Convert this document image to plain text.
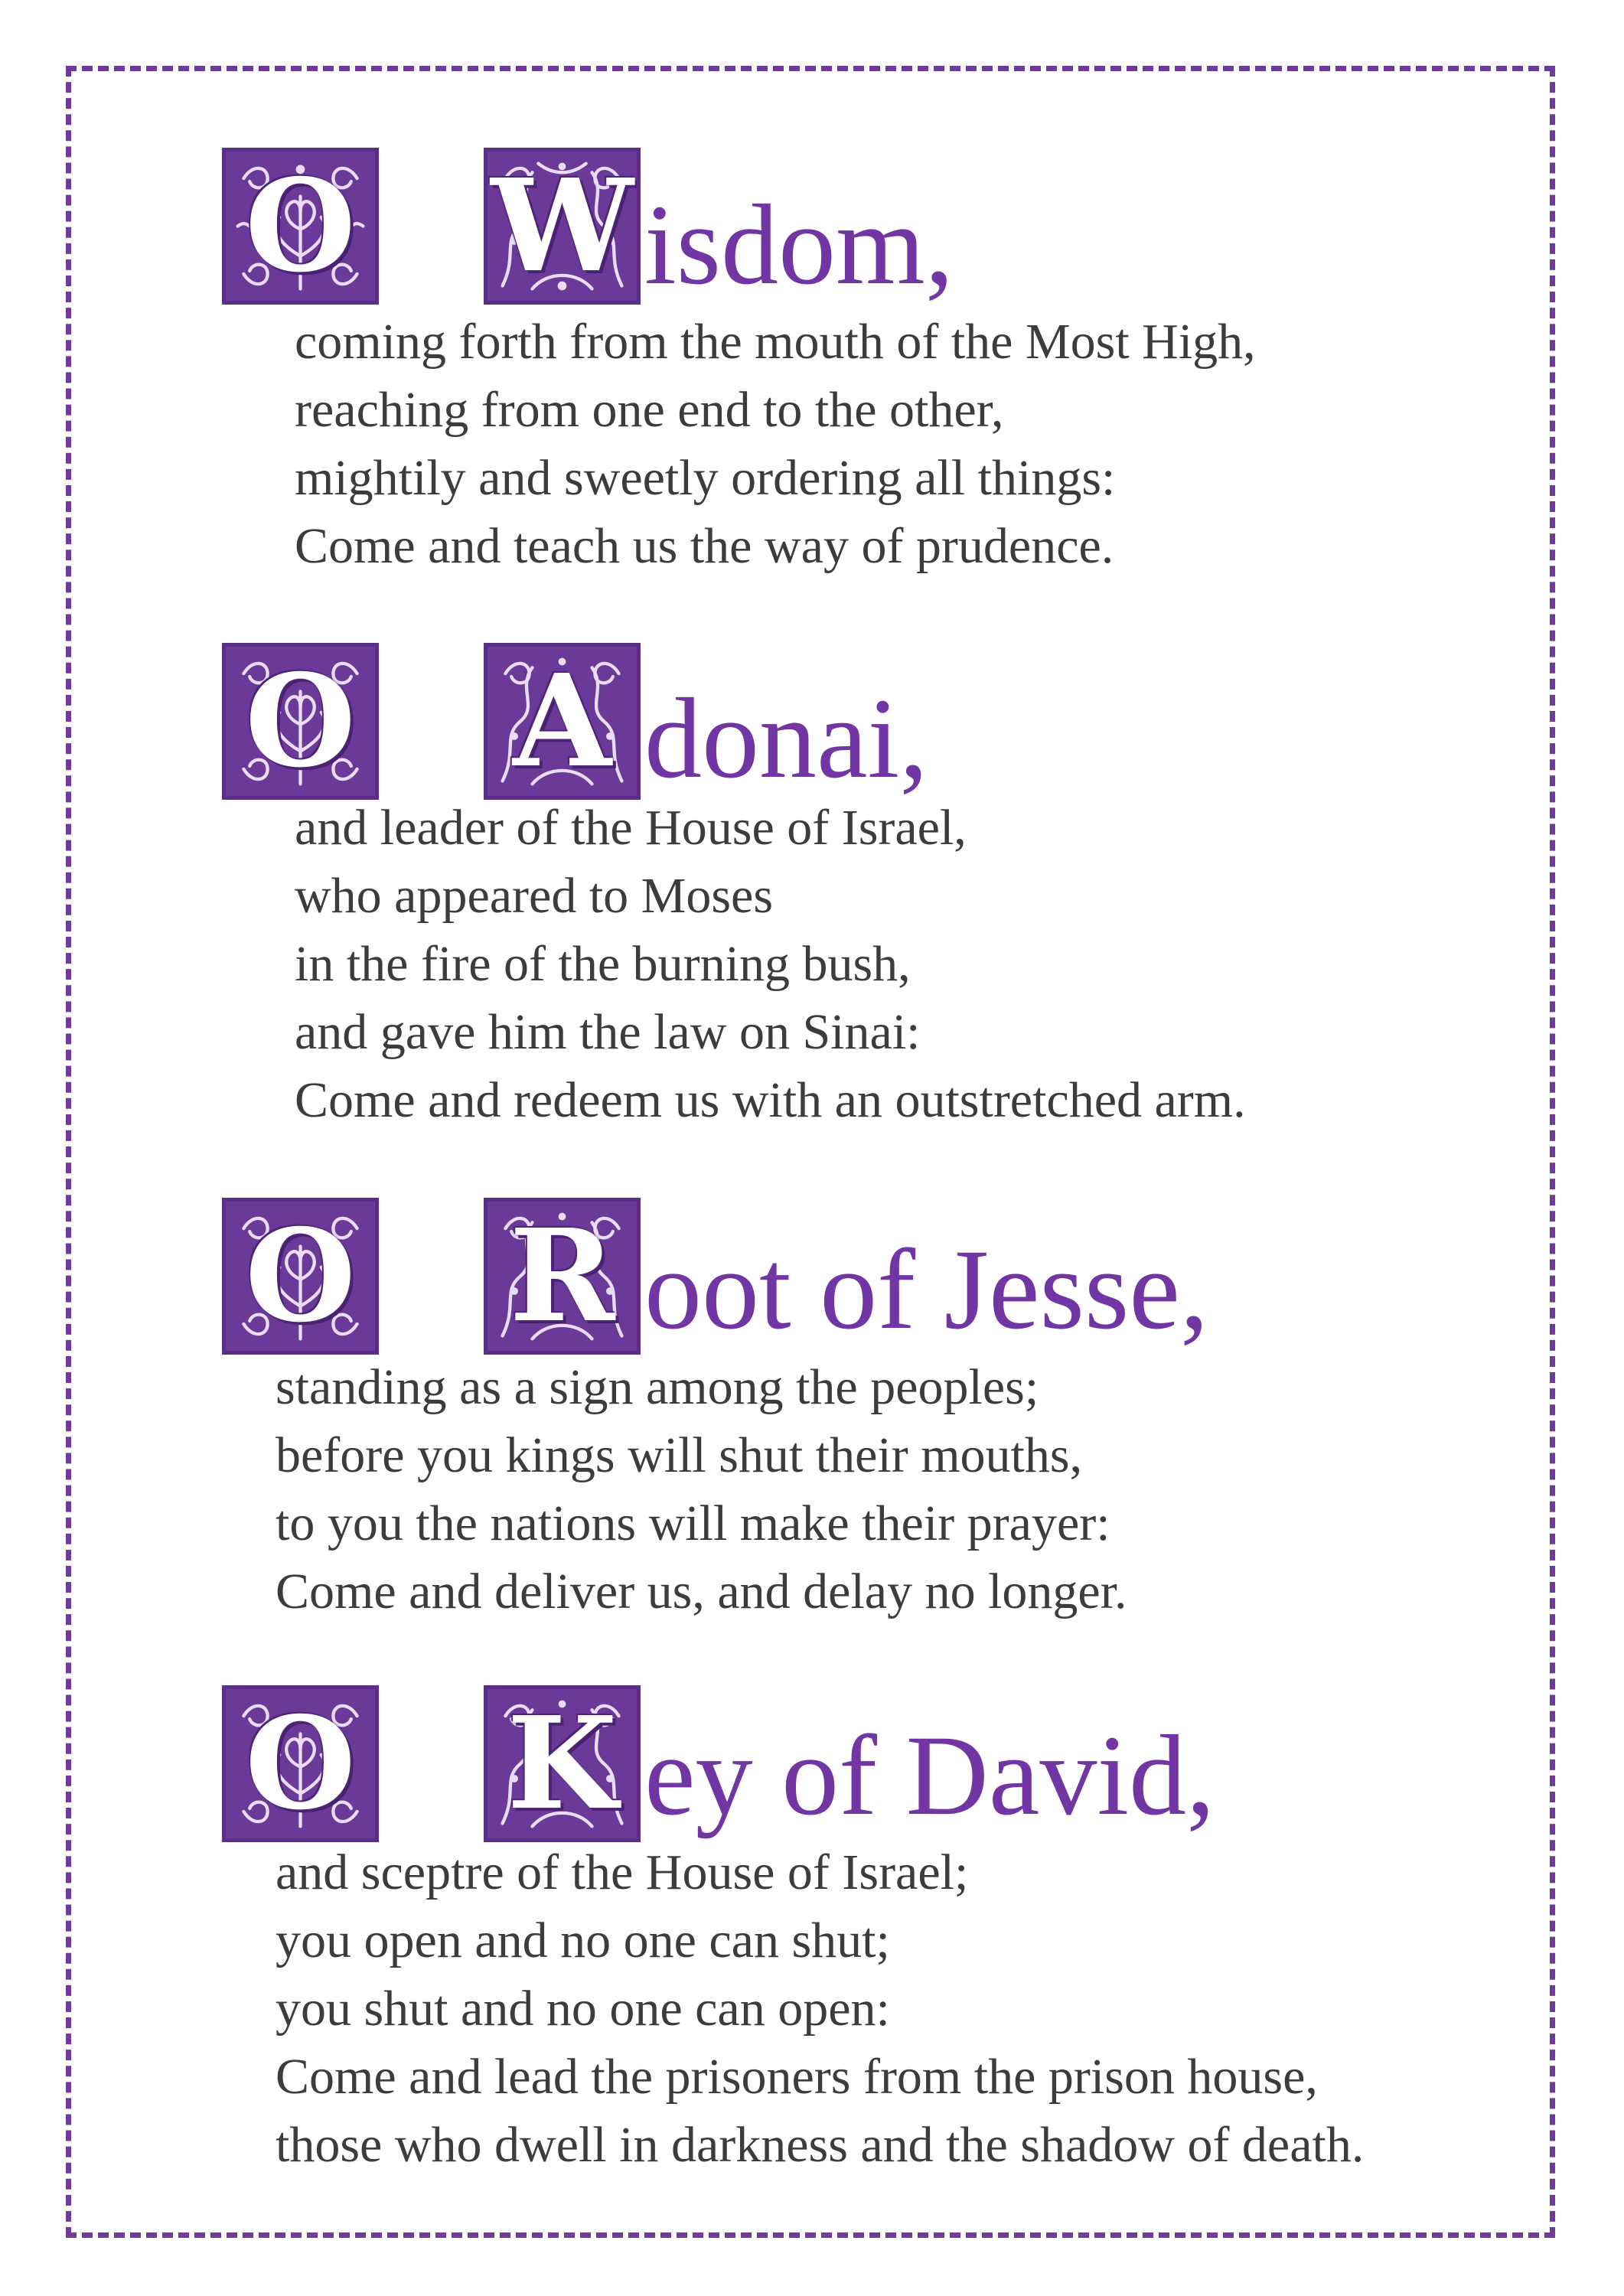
O W isdom,
coming forth from the mouth of the Most High,
reaching from one end to the other,
mightily and sweetly ordering all things:
Come and teach us the way of prudence.
O A donai,
and leader of the House of Israel,
who appeared to Moses
in the fire of the burning bush,
and gave him the law on Sinai:
Come and redeem us with an outstretched arm.
O R oot of Jesse,
standing as a sign among the peoples;
before you kings will shut their mouths,
to you the nations will make their prayer:
Come and deliver us, and delay no longer.
O K ey of David,
and sceptre of the House of Israel;
you open and no one can shut;
you shut and no one can open:
Come and lead the prisoners from the prison house,
those who dwell in darkness and the shadow of death.
